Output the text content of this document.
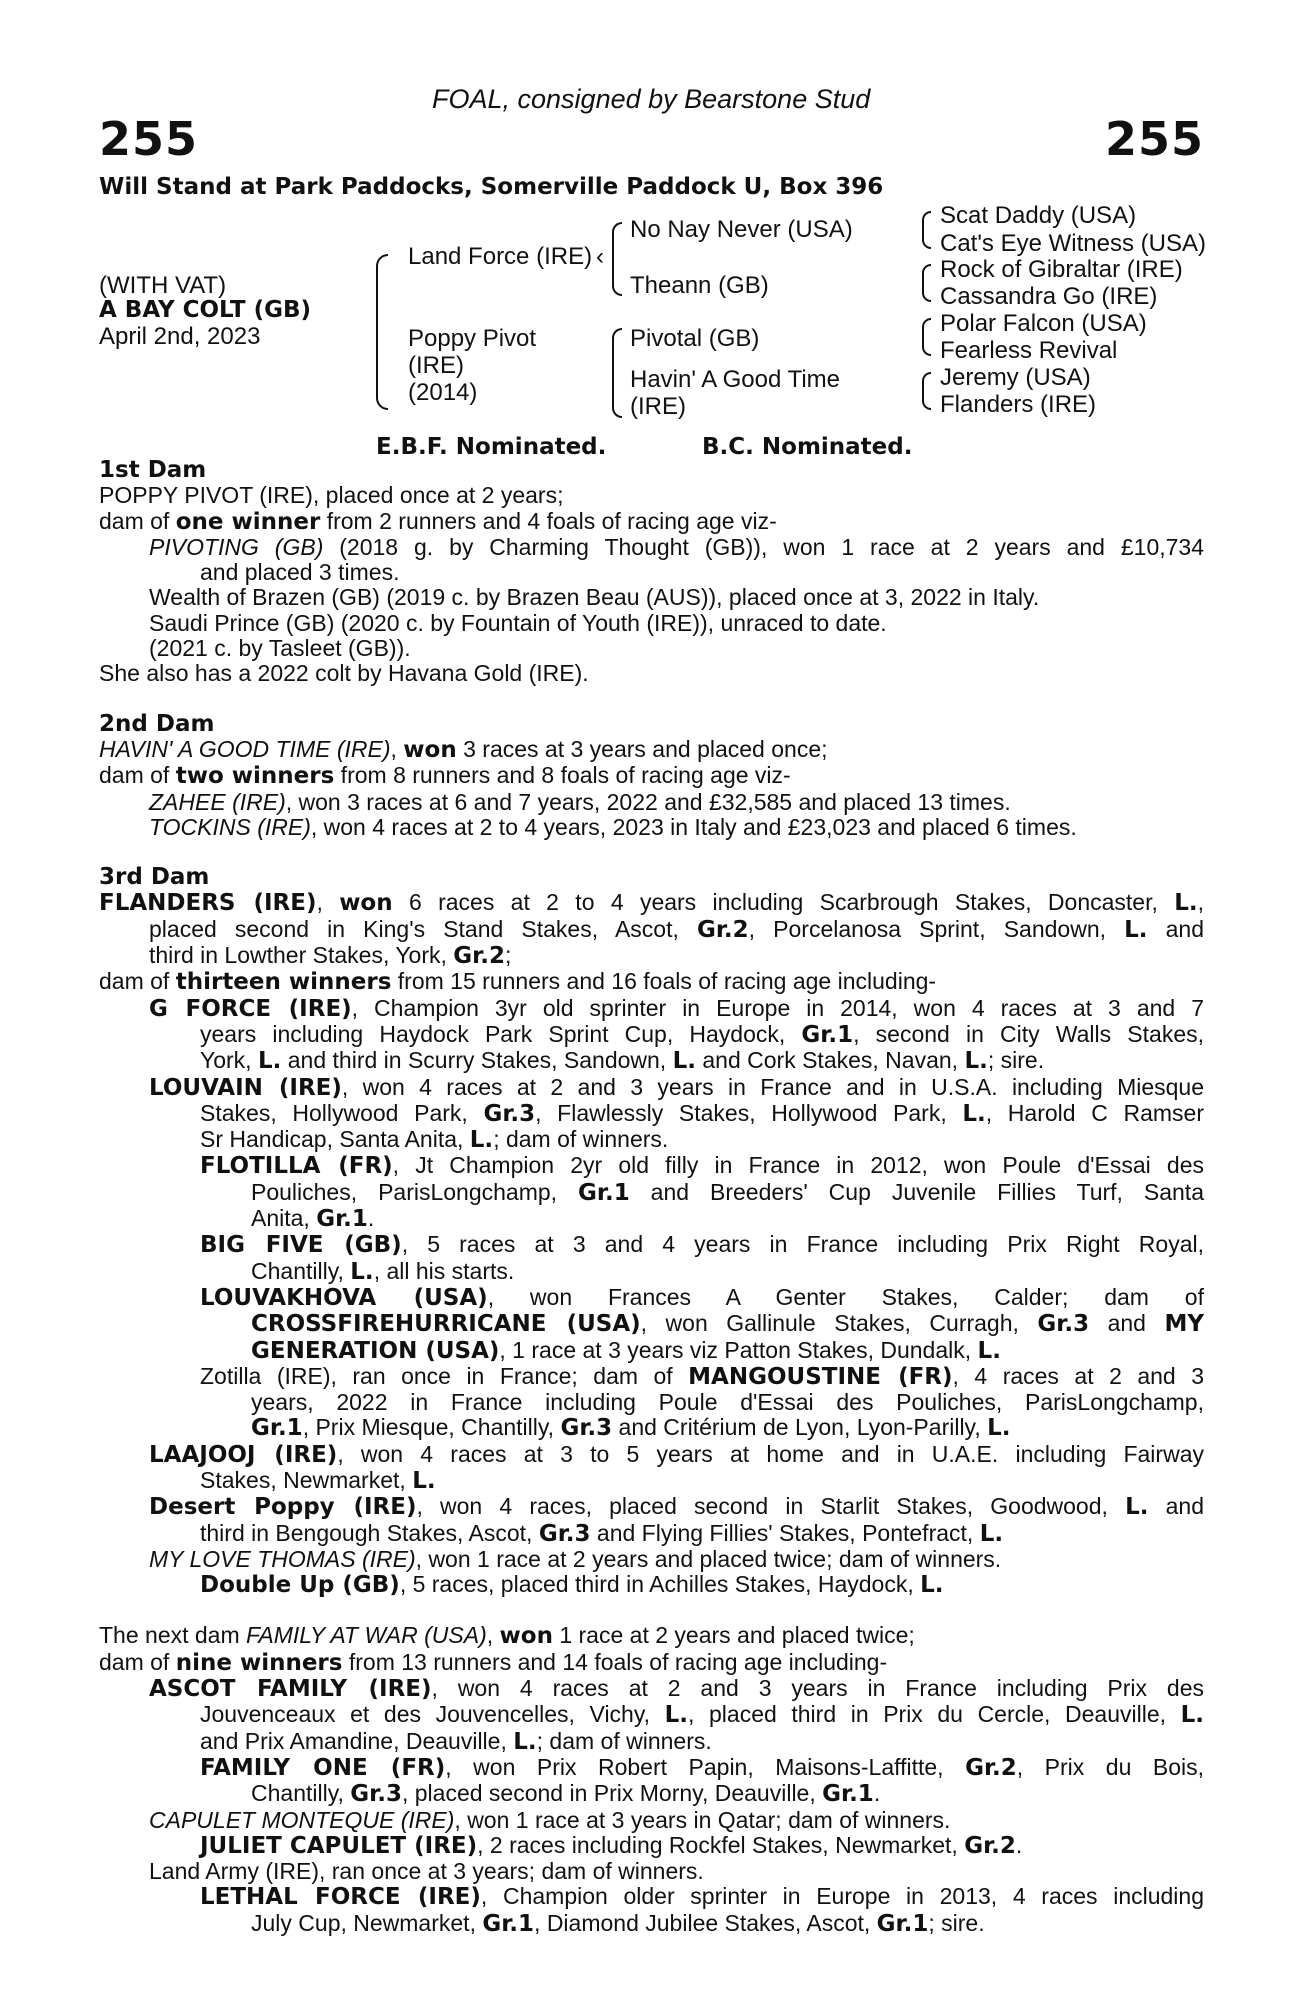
FOAL, consigned by Bearstone Stud
255	255
Will Stand at Park Paddocks, Somerville Paddock U, Box 396
(WITH VAT)
A BAY COLT (GB)
April 2nd, 2023
Land Force (IRE)
Poppy Pivot
(IRE)
(2014)
‹
No Nay Never (USA)
Theann (GB)
Pivotal (GB)
Havin' A Good Time
(IRE)
Scat Daddy (USA)
Cat's Eye Witness (USA)
Rock of Gibraltar (IRE)
Cassandra Go (IRE)
Polar Falcon (USA)
Fearless Revival
Jeremy (USA)
Flanders (IRE)
E.B.F. Nominated.	B.C. Nominated.
1st Dam
POPPY PIVOT (IRE), placed once at 2 years;
dam of one winner from 2 runners and 4 foals of racing age viz-
PIVOTING (GB) (2018 g. by Charming Thought (GB)), won 1 race at 2 years and £10,734
and placed 3 times.
Wealth of Brazen (GB) (2019 c. by Brazen Beau (AUS)), placed once at 3, 2022 in Italy.
Saudi Prince (GB) (2020 c. by Fountain of Youth (IRE)), unraced to date.
(2021 c. by Tasleet (GB)).
She also has a 2022 colt by Havana Gold (IRE).
2nd Dam
HAVIN' A GOOD TIME (IRE), won 3 races at 3 years and placed once;
dam of two winners from 8 runners and 8 foals of racing age viz-
ZAHEE (IRE), won 3 races at 6 and 7 years, 2022 and £32,585 and placed 13 times.
TOCKINS (IRE), won 4 races at 2 to 4 years, 2023 in Italy and £23,023 and placed 6 times.
3rd Dam
FLANDERS (IRE), won 6 races at 2 to 4 years including Scarbrough Stakes, Doncaster, L.,
placed second in King's Stand Stakes, Ascot, Gr.2, Porcelanosa Sprint, Sandown, L. and
third in Lowther Stakes, York, Gr.2;
dam of thirteen winners from 15 runners and 16 foals of racing age including-
G FORCE (IRE), Champion 3yr old sprinter in Europe in 2014, won 4 races at 3 and 7
years including Haydock Park Sprint Cup, Haydock, Gr.1, second in City Walls Stakes,
York, L. and third in Scurry Stakes, Sandown, L. and Cork Stakes, Navan, L.; sire.
LOUVAIN (IRE), won 4 races at 2 and 3 years in France and in U.S.A. including Miesque
Stakes, Hollywood Park, Gr.3, Flawlessly Stakes, Hollywood Park, L., Harold C Ramser
Sr Handicap, Santa Anita, L.; dam of winners.
FLOTILLA (FR), Jt Champion 2yr old filly in France in 2012, won Poule d'Essai des
Pouliches, ParisLongchamp, Gr.1 and Breeders' Cup Juvenile Fillies Turf, Santa
Anita, Gr.1.
BIG FIVE (GB), 5 races at 3 and 4 years in France including Prix Right Royal,
Chantilly, L., all his starts.
LOUVAKHOVA (USA), won Frances A Genter Stakes, Calder; dam of
CROSSFIREHURRICANE (USA), won Gallinule Stakes, Curragh, Gr.3 and MY
GENERATION (USA), 1 race at 3 years viz Patton Stakes, Dundalk, L.
Zotilla (IRE), ran once in France; dam of MANGOUSTINE (FR), 4 races at 2 and 3
years, 2022 in France including Poule d'Essai des Pouliches, ParisLongchamp,
Gr.1, Prix Miesque, Chantilly, Gr.3 and Critérium de Lyon, Lyon-Parilly, L.
LAAJOOJ (IRE), won 4 races at 3 to 5 years at home and in U.A.E. including Fairway
Stakes, Newmarket, L.
Desert Poppy (IRE), won 4 races, placed second in Starlit Stakes, Goodwood, L. and
third in Bengough Stakes, Ascot, Gr.3 and Flying Fillies' Stakes, Pontefract, L.
MY LOVE THOMAS (IRE), won 1 race at 2 years and placed twice; dam of winners.
Double Up (GB), 5 races, placed third in Achilles Stakes, Haydock, L.
The next dam FAMILY AT WAR (USA), won 1 race at 2 years and placed twice;
dam of nine winners from 13 runners and 14 foals of racing age including-
ASCOT FAMILY (IRE), won 4 races at 2 and 3 years in France including Prix des
Jouvenceaux et des Jouvencelles, Vichy, L., placed third in Prix du Cercle, Deauville, L.
and Prix Amandine, Deauville, L.; dam of winners.
FAMILY ONE (FR), won Prix Robert Papin, Maisons-Laffitte, Gr.2, Prix du Bois,
Chantilly, Gr.3, placed second in Prix Morny, Deauville, Gr.1.
CAPULET MONTEQUE (IRE), won 1 race at 3 years in Qatar; dam of winners.
JULIET CAPULET (IRE), 2 races including Rockfel Stakes, Newmarket, Gr.2.
Land Army (IRE), ran once at 3 years; dam of winners.
LETHAL FORCE (IRE), Champion older sprinter in Europe in 2013, 4 races including
July Cup, Newmarket, Gr.1, Diamond Jubilee Stakes, Ascot, Gr.1; sire.
